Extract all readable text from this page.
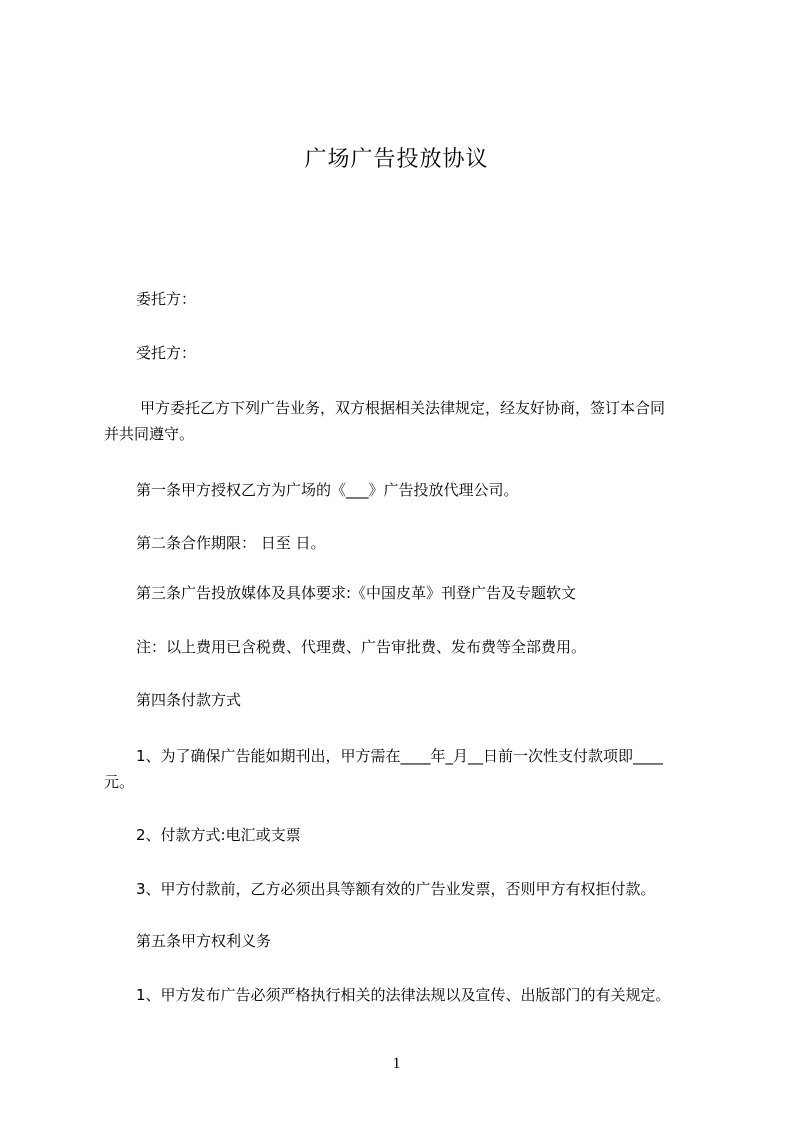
广场广告投放协议

委托方：

受托方：

甲方委托乙方下列广告业务，双方根据相关法律规定，经友好协商，签订本合同

并共同遵守。

第一条甲方授权乙方为广场的《___》广告投放代理公司。

第二条合作期限： 日至 日。

第三条广告投放媒体及具体要求:《中国皮革》刊登广告及专题软文

注：以上费用已含税费、代理费、广告审批费、发布费等全部费用。

第四条付款方式

1、为了确保广告能如期刊出，甲方需在____年_月__日前一次性支付款项即____

元。

2、付款方式:电汇或支票

3、甲方付款前，乙方必须出具等额有效的广告业发票，否则甲方有权拒付款。

第五条甲方权利义务

1、甲方发布广告必须严格执行相关的法律法规以及宣传、出版部门的有关规定。

1
